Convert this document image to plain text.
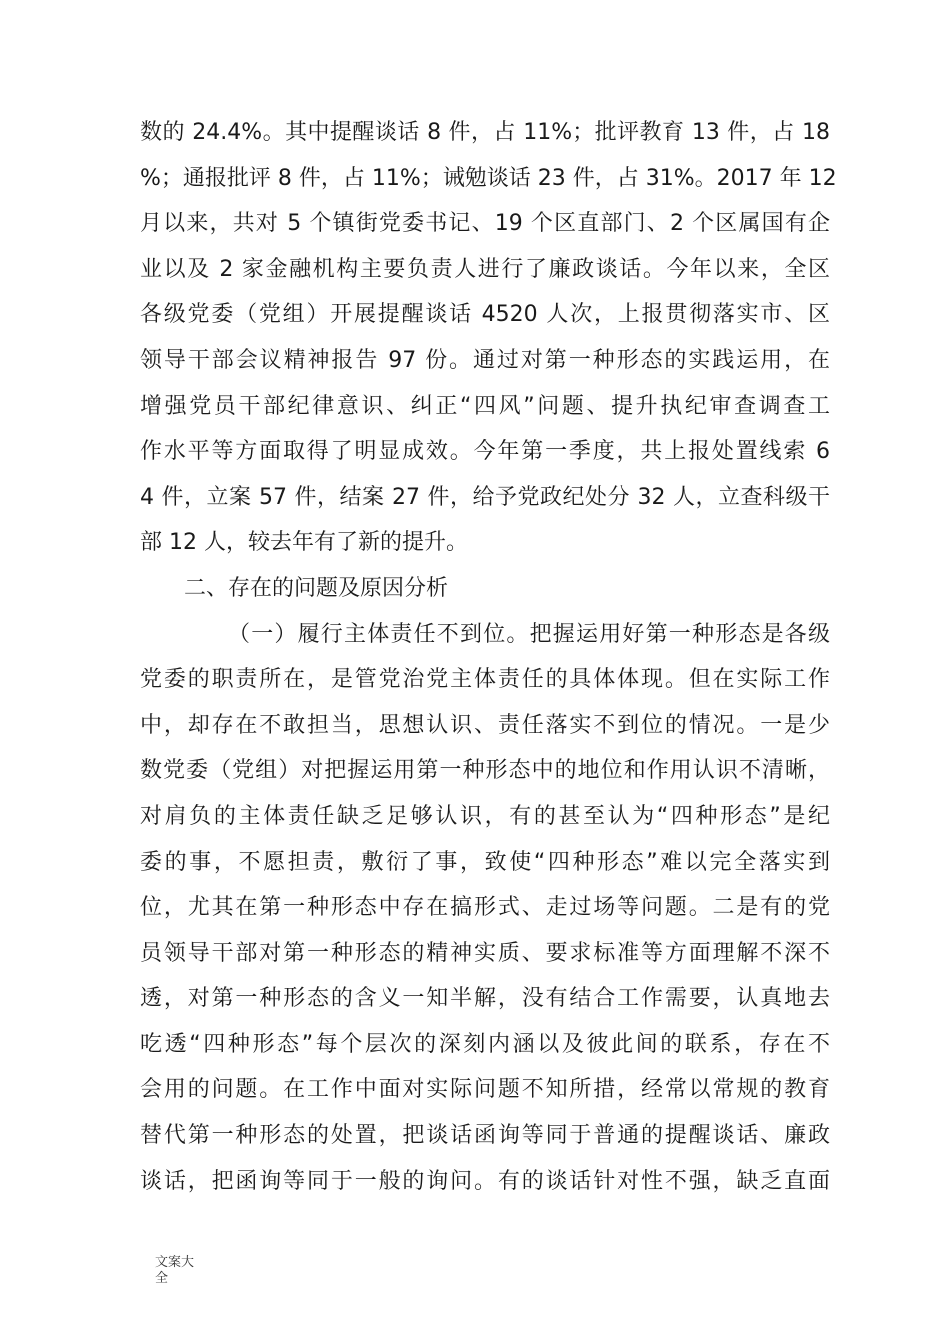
数的 24.4%。其中提醒谈话 8 件，占 11%；批评教育 13 件，占 18
%；通报批评 8 件，占 11%；诫勉谈话 23 件，占 31%。2017 年 12
月以来，共对 5 个镇街党委书记、19 个区直部门、2 个区属国有企
业以及 2 家金融机构主要负责人进行了廉政谈话。今年以来，全区
各级党委（党组）开展提醒谈话 4520 人次，上报贯彻落实市、区
领导干部会议精神报告 97 份。通过对第一种形态的实践运用，在
增强党员干部纪律意识、纠正“四风”问题、提升执纪审查调查工
作水平等方面取得了明显成效。今年第一季度，共上报处置线索 6
4 件，立案 57 件，结案 27 件，给予党政纪处分 32 人，立查科级干
部 12 人，较去年有了新的提升。
二、存在的问题及原因分析
（一）履行主体责任不到位。把握运用好第一种形态是各级
党委的职责所在，是管党治党主体责任的具体体现。但在实际工作
中，却存在不敢担当，思想认识、责任落实不到位的情况。一是少
数党委（党组）对把握运用第一种形态中的地位和作用认识不清晰，
对肩负的主体责任缺乏足够认识，有的甚至认为“四种形态”是纪
委的事，不愿担责，敷衍了事，致使“四种形态”难以完全落实到
位，尤其在第一种形态中存在搞形式、走过场等问题。二是有的党
员领导干部对第一种形态的精神实质、要求标准等方面理解不深不
透，对第一种形态的含义一知半解，没有结合工作需要，认真地去
吃透“四种形态”每个层次的深刻内涵以及彼此间的联系，存在不
会用的问题。在工作中面对实际问题不知所措，经常以常规的教育
替代第一种形态的处置，把谈话函询等同于普通的提醒谈话、廉政
谈话，把函询等同于一般的询问。有的谈话针对性不强，缺乏直面
文案大全
